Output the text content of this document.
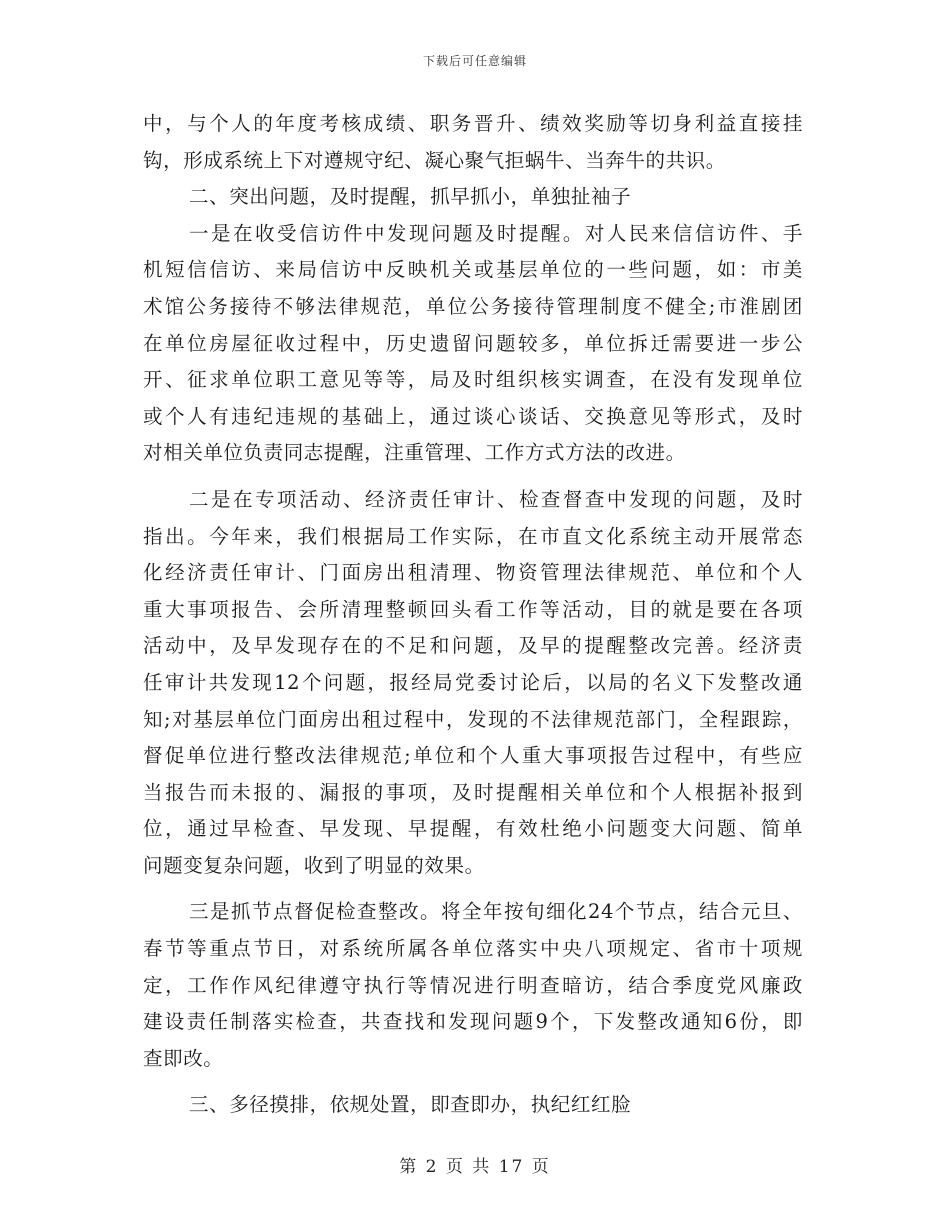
下载后可任意编辑
中，与个人的年度考核成绩、职务晋升、绩效奖励等切身利益直接挂
钩，形成系统上下对遵规守纪、凝心聚气拒蜗牛、当奔牛的共识。
二、突出问题，及时提醒，抓早抓小，单独扯袖子
一是在收受信访件中发现问题及时提醒。对人民来信信访件、手
机短信信访、来局信访中反映机关或基层单位的一些问题，如：市美
术馆公务接待不够法律规范，单位公务接待管理制度不健全;市淮剧团
在单位房屋征收过程中，历史遗留问题较多，单位拆迁需要进一步公
开、征求单位职工意见等等，局及时组织核实调查，在没有发现单位
或个人有违纪违规的基础上，通过谈心谈话、交换意见等形式，及时
对相关单位负责同志提醒，注重管理、工作方式方法的改进。
二是在专项活动、经济责任审计、检查督查中发现的问题，及时
指出。今年来，我们根据局工作实际，在市直文化系统主动开展常态
化经济责任审计、门面房出租清理、物资管理法律规范、单位和个人
重大事项报告、会所清理整顿回头看工作等活动，目的就是要在各项
活动中，及早发现存在的不足和问题，及早的提醒整改完善。经济责
任审计共发现12个问题，报经局党委讨论后，以局的名义下发整改通
知;对基层单位门面房出租过程中，发现的不法律规范部门，全程跟踪，
督促单位进行整改法律规范;单位和个人重大事项报告过程中，有些应
当报告而未报的、漏报的事项，及时提醒相关单位和个人根据补报到
位，通过早检查、早发现、早提醒，有效杜绝小问题变大问题、简单
问题变复杂问题，收到了明显的效果。
三是抓节点督促检查整改。将全年按旬细化24个节点，结合元旦、
春节等重点节日，对系统所属各单位落实中央八项规定、省市十项规
定，工作作风纪律遵守执行等情况进行明查暗访，结合季度党风廉政
建设责任制落实检查，共查找和发现问题9个，下发整改通知6份，即
查即改。
三、多径摸排，依规处置，即查即办，执纪红红脸
第 2 页 共 17 页
